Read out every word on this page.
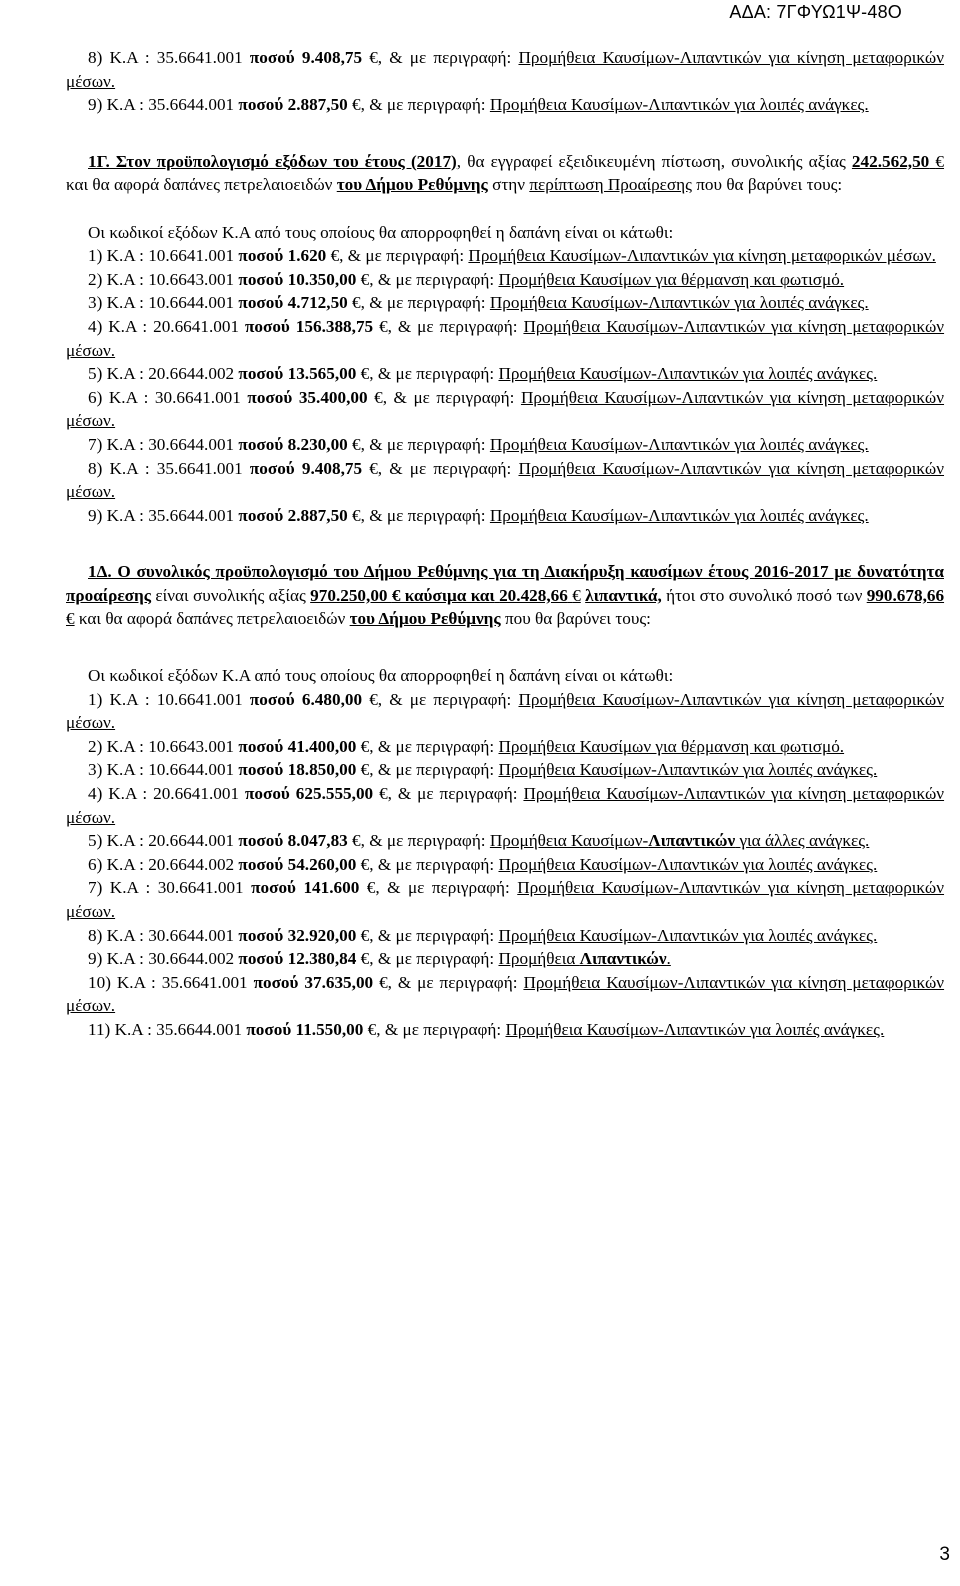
ΑΔΑ: 7ΓΦΥΩ1Ψ-48Ο

8) Κ.Α : 35.6641.001 ποσού 9.408,75 €, & με περιγραφή: Προμήθεια Καυσίμων-Λιπαντικών για κίνηση μεταφορικών μέσων.

9) Κ.Α : 35.6644.001 ποσού 2.887,50 €, & με περιγραφή: Προμήθεια Καυσίμων-Λιπαντικών για λοιπές ανάγκες.

1Γ. Στον προϋπολογισμό εξόδων του έτους (2017), θα εγγραφεί εξειδικευμένη πίστωση, συνολικής αξίας 242.562,50 € και θα αφορά δαπάνες πετρελαιοειδών του Δήμου Ρεθύμνης στην περίπτωση Προαίρεσης που θα βαρύνει τους:

Οι κωδικοί εξόδων Κ.Α από τους οποίους θα απορροφηθεί η δαπάνη είναι οι κάτωθι:

1) Κ.Α : 10.6641.001 ποσού 1.620 €, & με περιγραφή: Προμήθεια Καυσίμων-Λιπαντικών για κίνηση μεταφορικών μέσων.

2) Κ.Α : 10.6643.001 ποσού 10.350,00 €, & με περιγραφή: Προμήθεια Καυσίμων για θέρμανση και φωτισμό.

3) Κ.Α : 10.6644.001 ποσού 4.712,50 €, & με περιγραφή: Προμήθεια Καυσίμων-Λιπαντικών για λοιπές ανάγκες.

4) Κ.Α : 20.6641.001 ποσού 156.388,75 €, & με περιγραφή: Προμήθεια Καυσίμων-Λιπαντικών για κίνηση μεταφορικών μέσων.

5) Κ.Α : 20.6644.002 ποσού 13.565,00 €, & με περιγραφή: Προμήθεια Καυσίμων-Λιπαντικών για λοιπές ανάγκες.

6) Κ.Α : 30.6641.001 ποσού 35.400,00 €, & με περιγραφή: Προμήθεια Καυσίμων-Λιπαντικών για κίνηση μεταφορικών μέσων.

7) Κ.Α : 30.6644.001 ποσού 8.230,00 €, & με περιγραφή: Προμήθεια Καυσίμων-Λιπαντικών για λοιπές ανάγκες.

8) Κ.Α : 35.6641.001 ποσού 9.408,75 €, & με περιγραφή: Προμήθεια Καυσίμων-Λιπαντικών για κίνηση μεταφορικών μέσων.

9) Κ.Α : 35.6644.001 ποσού 2.887,50 €, & με περιγραφή: Προμήθεια Καυσίμων-Λιπαντικών για λοιπές ανάγκες.

1Δ. Ο συνολικός προϋπολογισμό του Δήμου Ρεθύμνης για τη Διακήρυξη καυσίμων έτους 2016-2017 με δυνατότητα προαίρεσης είναι συνολικής αξίας 970.250,00 € καύσιμα και 20.428,66 € λιπαντικά, ήτοι στο συνολικό ποσό των 990.678,66 € και θα αφορά δαπάνες πετρελαιοειδών του Δήμου Ρεθύμνης που θα βαρύνει τους:

Οι κωδικοί εξόδων Κ.Α από τους οποίους θα απορροφηθεί η δαπάνη είναι οι κάτωθι:

1) Κ.Α : 10.6641.001 ποσού 6.480,00 €, & με περιγραφή: Προμήθεια Καυσίμων-Λιπαντικών για κίνηση μεταφορικών μέσων.

2) Κ.Α : 10.6643.001 ποσού 41.400,00 €, & με περιγραφή: Προμήθεια Καυσίμων για θέρμανση και φωτισμό.

3) Κ.Α : 10.6644.001 ποσού 18.850,00 €, & με περιγραφή: Προμήθεια Καυσίμων-Λιπαντικών για λοιπές ανάγκες.

4) Κ.Α : 20.6641.001 ποσού 625.555,00 €, & με περιγραφή: Προμήθεια Καυσίμων-Λιπαντικών για κίνηση μεταφορικών μέσων.

5) Κ.Α : 20.6644.001 ποσού 8.047,83 €, & με περιγραφή: Προμήθεια Καυσίμων-Λιπαντικών για άλλες ανάγκες.

6) Κ.Α : 20.6644.002 ποσού 54.260,00 €, & με περιγραφή: Προμήθεια Καυσίμων-Λιπαντικών για λοιπές ανάγκες.

7) Κ.Α : 30.6641.001 ποσού 141.600 €, & με περιγραφή: Προμήθεια Καυσίμων-Λιπαντικών για κίνηση μεταφορικών μέσων.

8) Κ.Α : 30.6644.001 ποσού 32.920,00 €, & με περιγραφή: Προμήθεια Καυσίμων-Λιπαντικών για λοιπές ανάγκες.

9) Κ.Α : 30.6644.002 ποσού 12.380,84 €, & με περιγραφή: Προμήθεια Λιπαντικών.

10) Κ.Α : 35.6641.001 ποσού 37.635,00 €, & με περιγραφή: Προμήθεια Καυσίμων-Λιπαντικών για κίνηση μεταφορικών μέσων.

11) Κ.Α : 35.6644.001 ποσού 11.550,00 €, & με περιγραφή: Προμήθεια Καυσίμων-Λιπαντικών για λοιπές ανάγκες.

3
